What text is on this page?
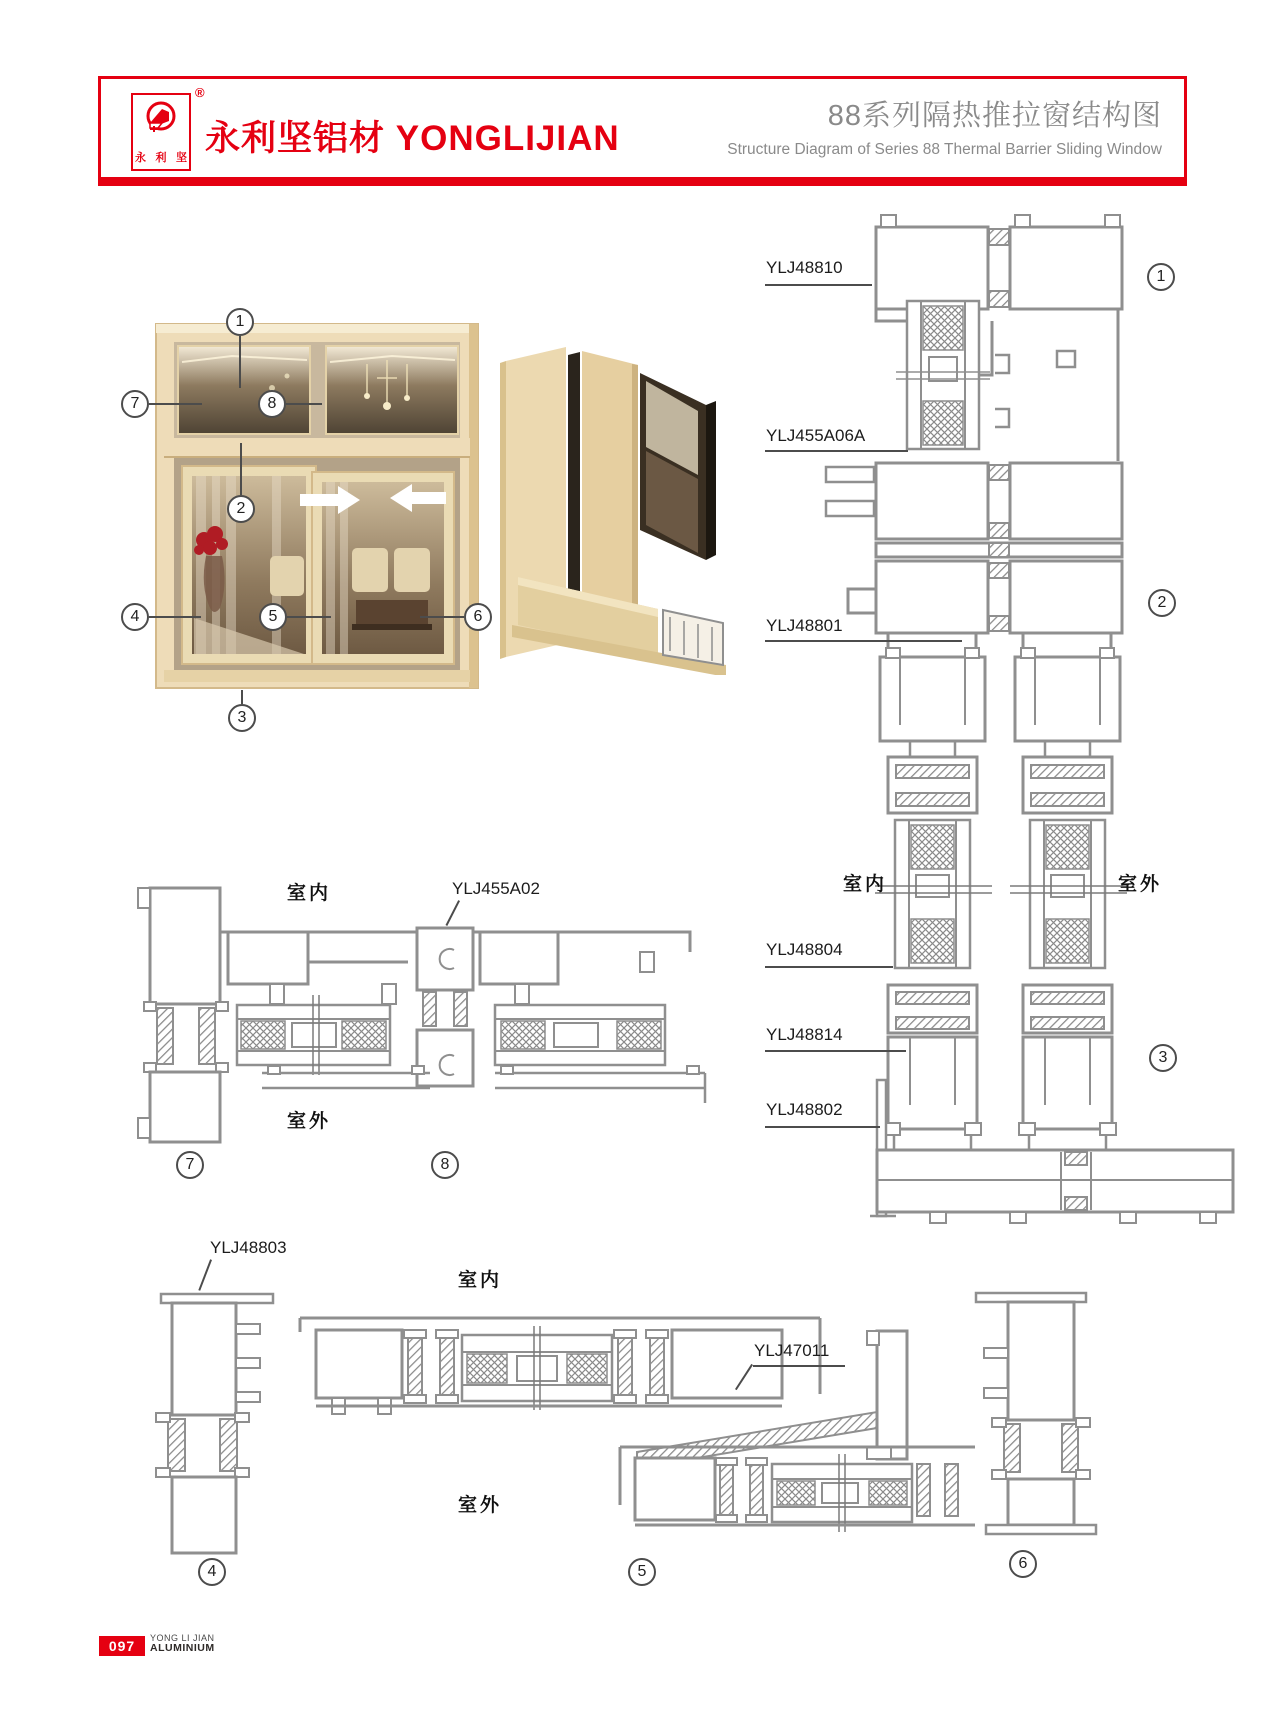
永 利 坚
®
永利坚铝材 YONGLIJIAN
88系列隔热推拉窗结构图
Structure Diagram of Series 88 Thermal Barrier Sliding Window
YLJ48810
YLJ455A06A
YLJ48801
YLJ48804
YLJ48814
YLJ48802
室内	室外
室内	YLJ455A02
室外
YLJ48803
室内
YLJ47011
室外
1
7	8
2
4	5	6
3
1
2
3
7	8
4	5	6
097	YONG LI JIAN
ALUMINIUM
